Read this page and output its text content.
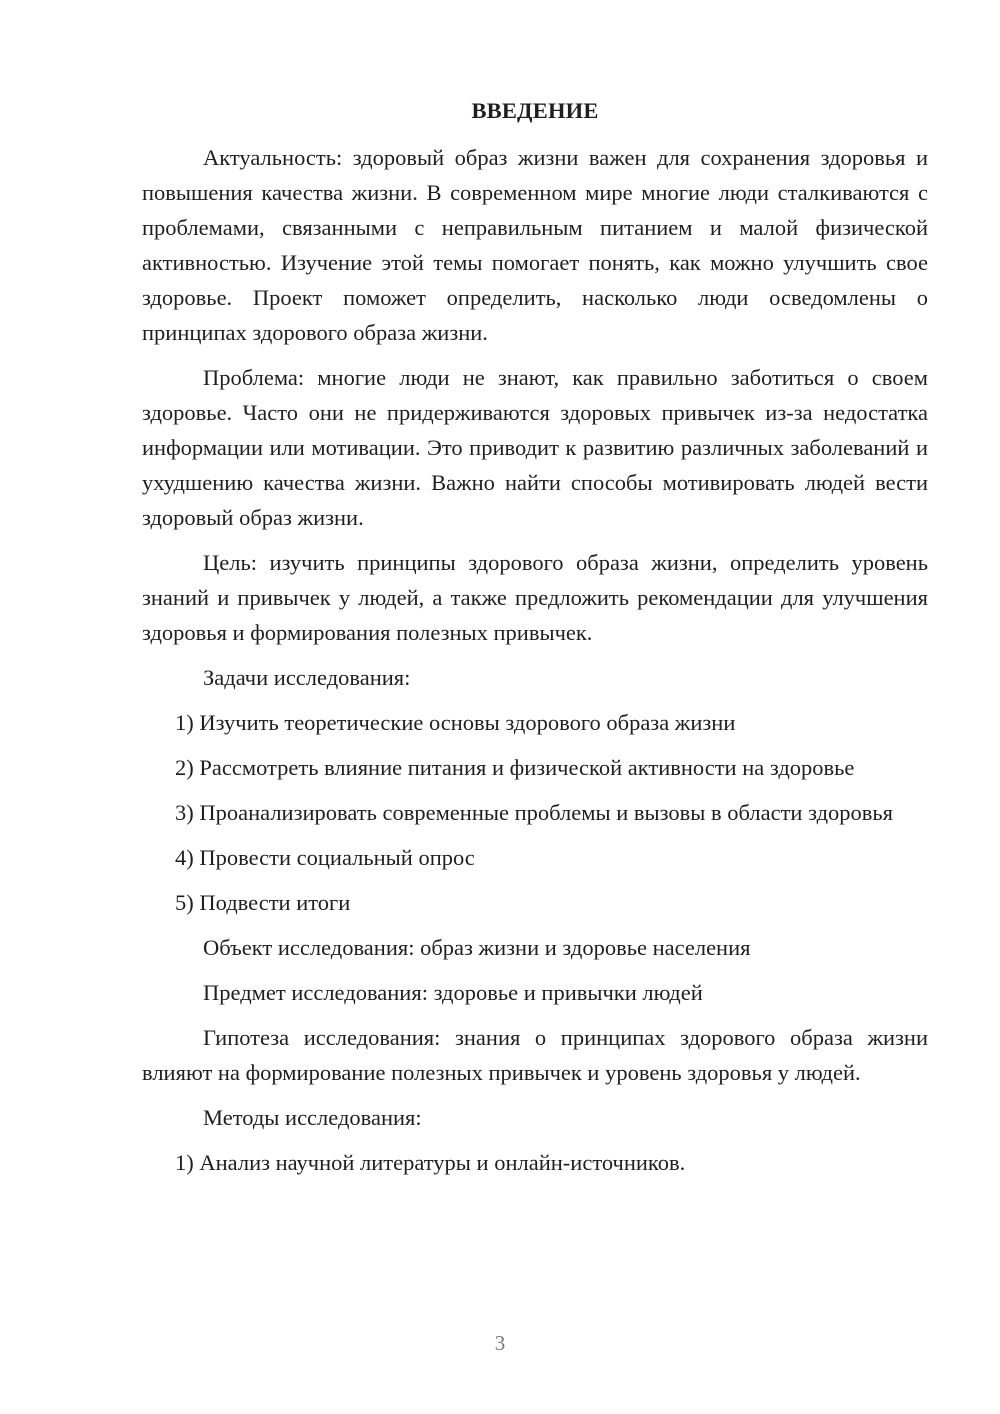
ВВЕДЕНИЕ

Актуальность: здоровый образ жизни важен для сохранения здоровья и повышения качества жизни. В современном мире многие люди сталкиваются с проблемами, связанными с неправильным питанием и малой физической активностью. Изучение этой темы помогает понять, как можно улучшить свое здоровье. Проект поможет определить, насколько люди осведомлены о принципах здорового образа жизни.

Проблема: многие люди не знают, как правильно заботиться о своем здоровье. Часто они не придерживаются здоровых привычек из-за недостатка информации или мотивации. Это приводит к развитию различных заболеваний и ухудшению качества жизни. Важно найти способы мотивировать людей вести здоровый образ жизни.

Цель: изучить принципы здорового образа жизни, определить уровень знаний и привычек у людей, а также предложить рекомендации для улучшения здоровья и формирования полезных привычек.

Задачи исследования:
1) Изучить теоретические основы здорового образа жизни
2) Рассмотреть влияние питания и физической активности на здоровье
3) Проанализировать современные проблемы и вызовы в области здоровья
4) Провести социальный опрос
5) Подвести итоги
Объект исследования: образ жизни и здоровье населения
Предмет исследования: здоровье и привычки людей

Гипотеза исследования: знания о принципах здорового образа жизни влияют на формирование полезных привычек и уровень здоровья у людей.

Методы исследования:
1) Анализ научной литературы и онлайн-источников.
3
